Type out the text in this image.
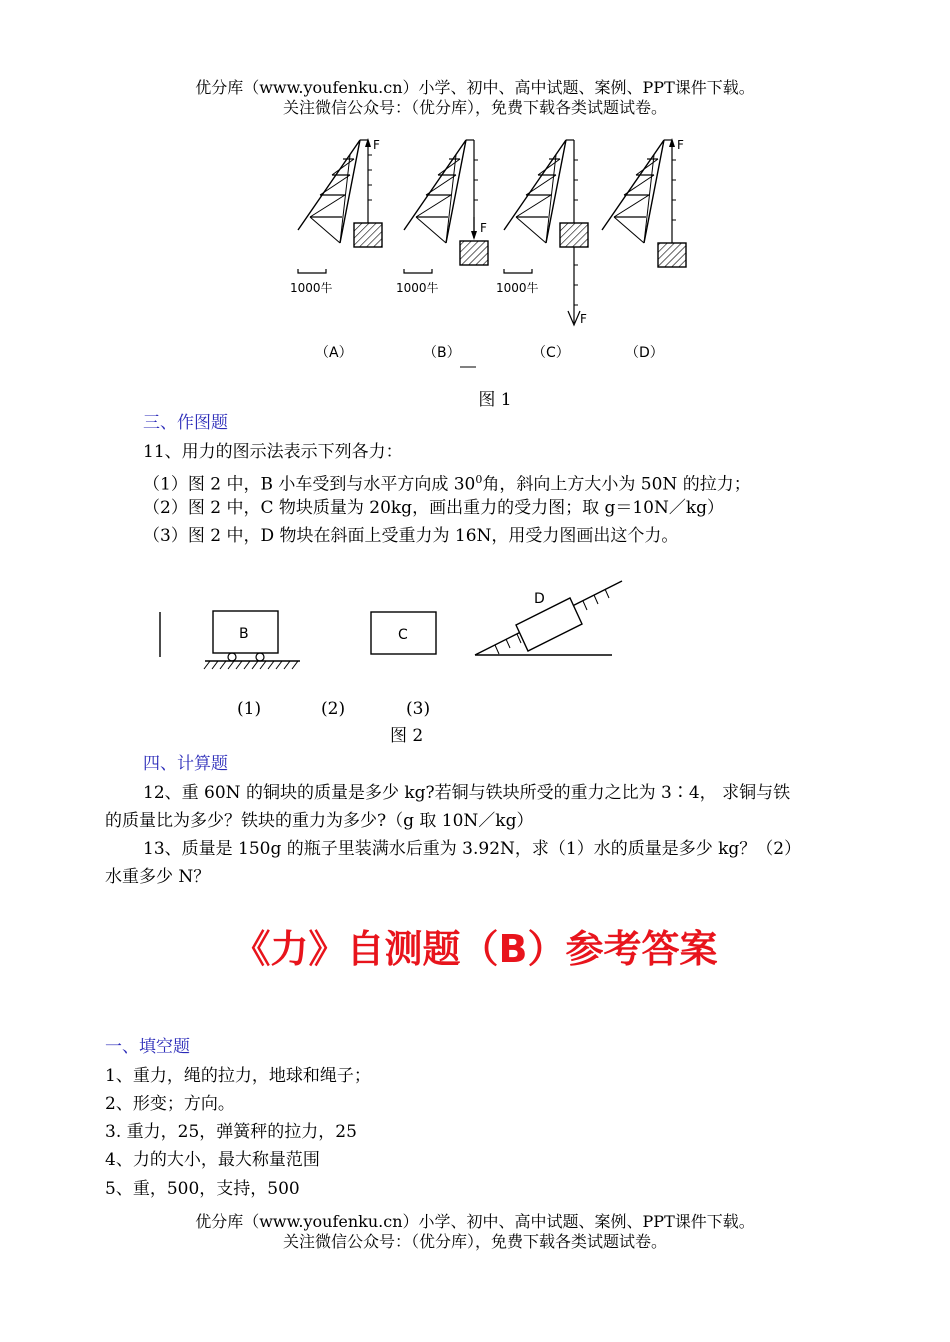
优分库（www.youfenku.cn）小学、初中、高中试题、案例、PPT课件下载。
关注微信公众号：（优分库），免费下载各类试题试卷。
F
1000牛
F
1000牛
F
1000牛
F
（A）	（B）	（C）	（D）
图 1
三、作图题
11、用力的图示法表示下列各力：
（1）图 2 中，B 小车受到与水平方向成 $30^0$角，斜向上方大小为 50N 的拉力；
（2）图 2 中，C 物块质量为 20kg，画出重力的受力图；取 g＝10N／kg）
（3）图 2 中，D 物块在斜面上受重力为 16N，用受力图画出这个力。
B	C
D
(1)	(2)	(3)
图 2
四、计算题
12、重 60N 的铜块的质量是多少 kg?若铜与铁块所受的重力之比为 3∶4， 求铜与铁
的质量比为多少？铁块的重力为多少?（g 取 10N／kg）
13、质量是 150g 的瓶子里装满水后重为 3.92N，求（1）水的质量是多少 kg？（2）
水重多少 N？
《力》自测题（B）参考答案
一、填空题
1、重力，绳的拉力，地球和绳子；
2、形变；方向。
3. 重力，25，弹簧秤的拉力，25
4、力的大小，最大称量范围
5、重，500，支持，500
优分库（www.youfenku.cn）小学、初中、高中试题、案例、PPT课件下载。
关注微信公众号：（优分库），免费下载各类试题试卷。
